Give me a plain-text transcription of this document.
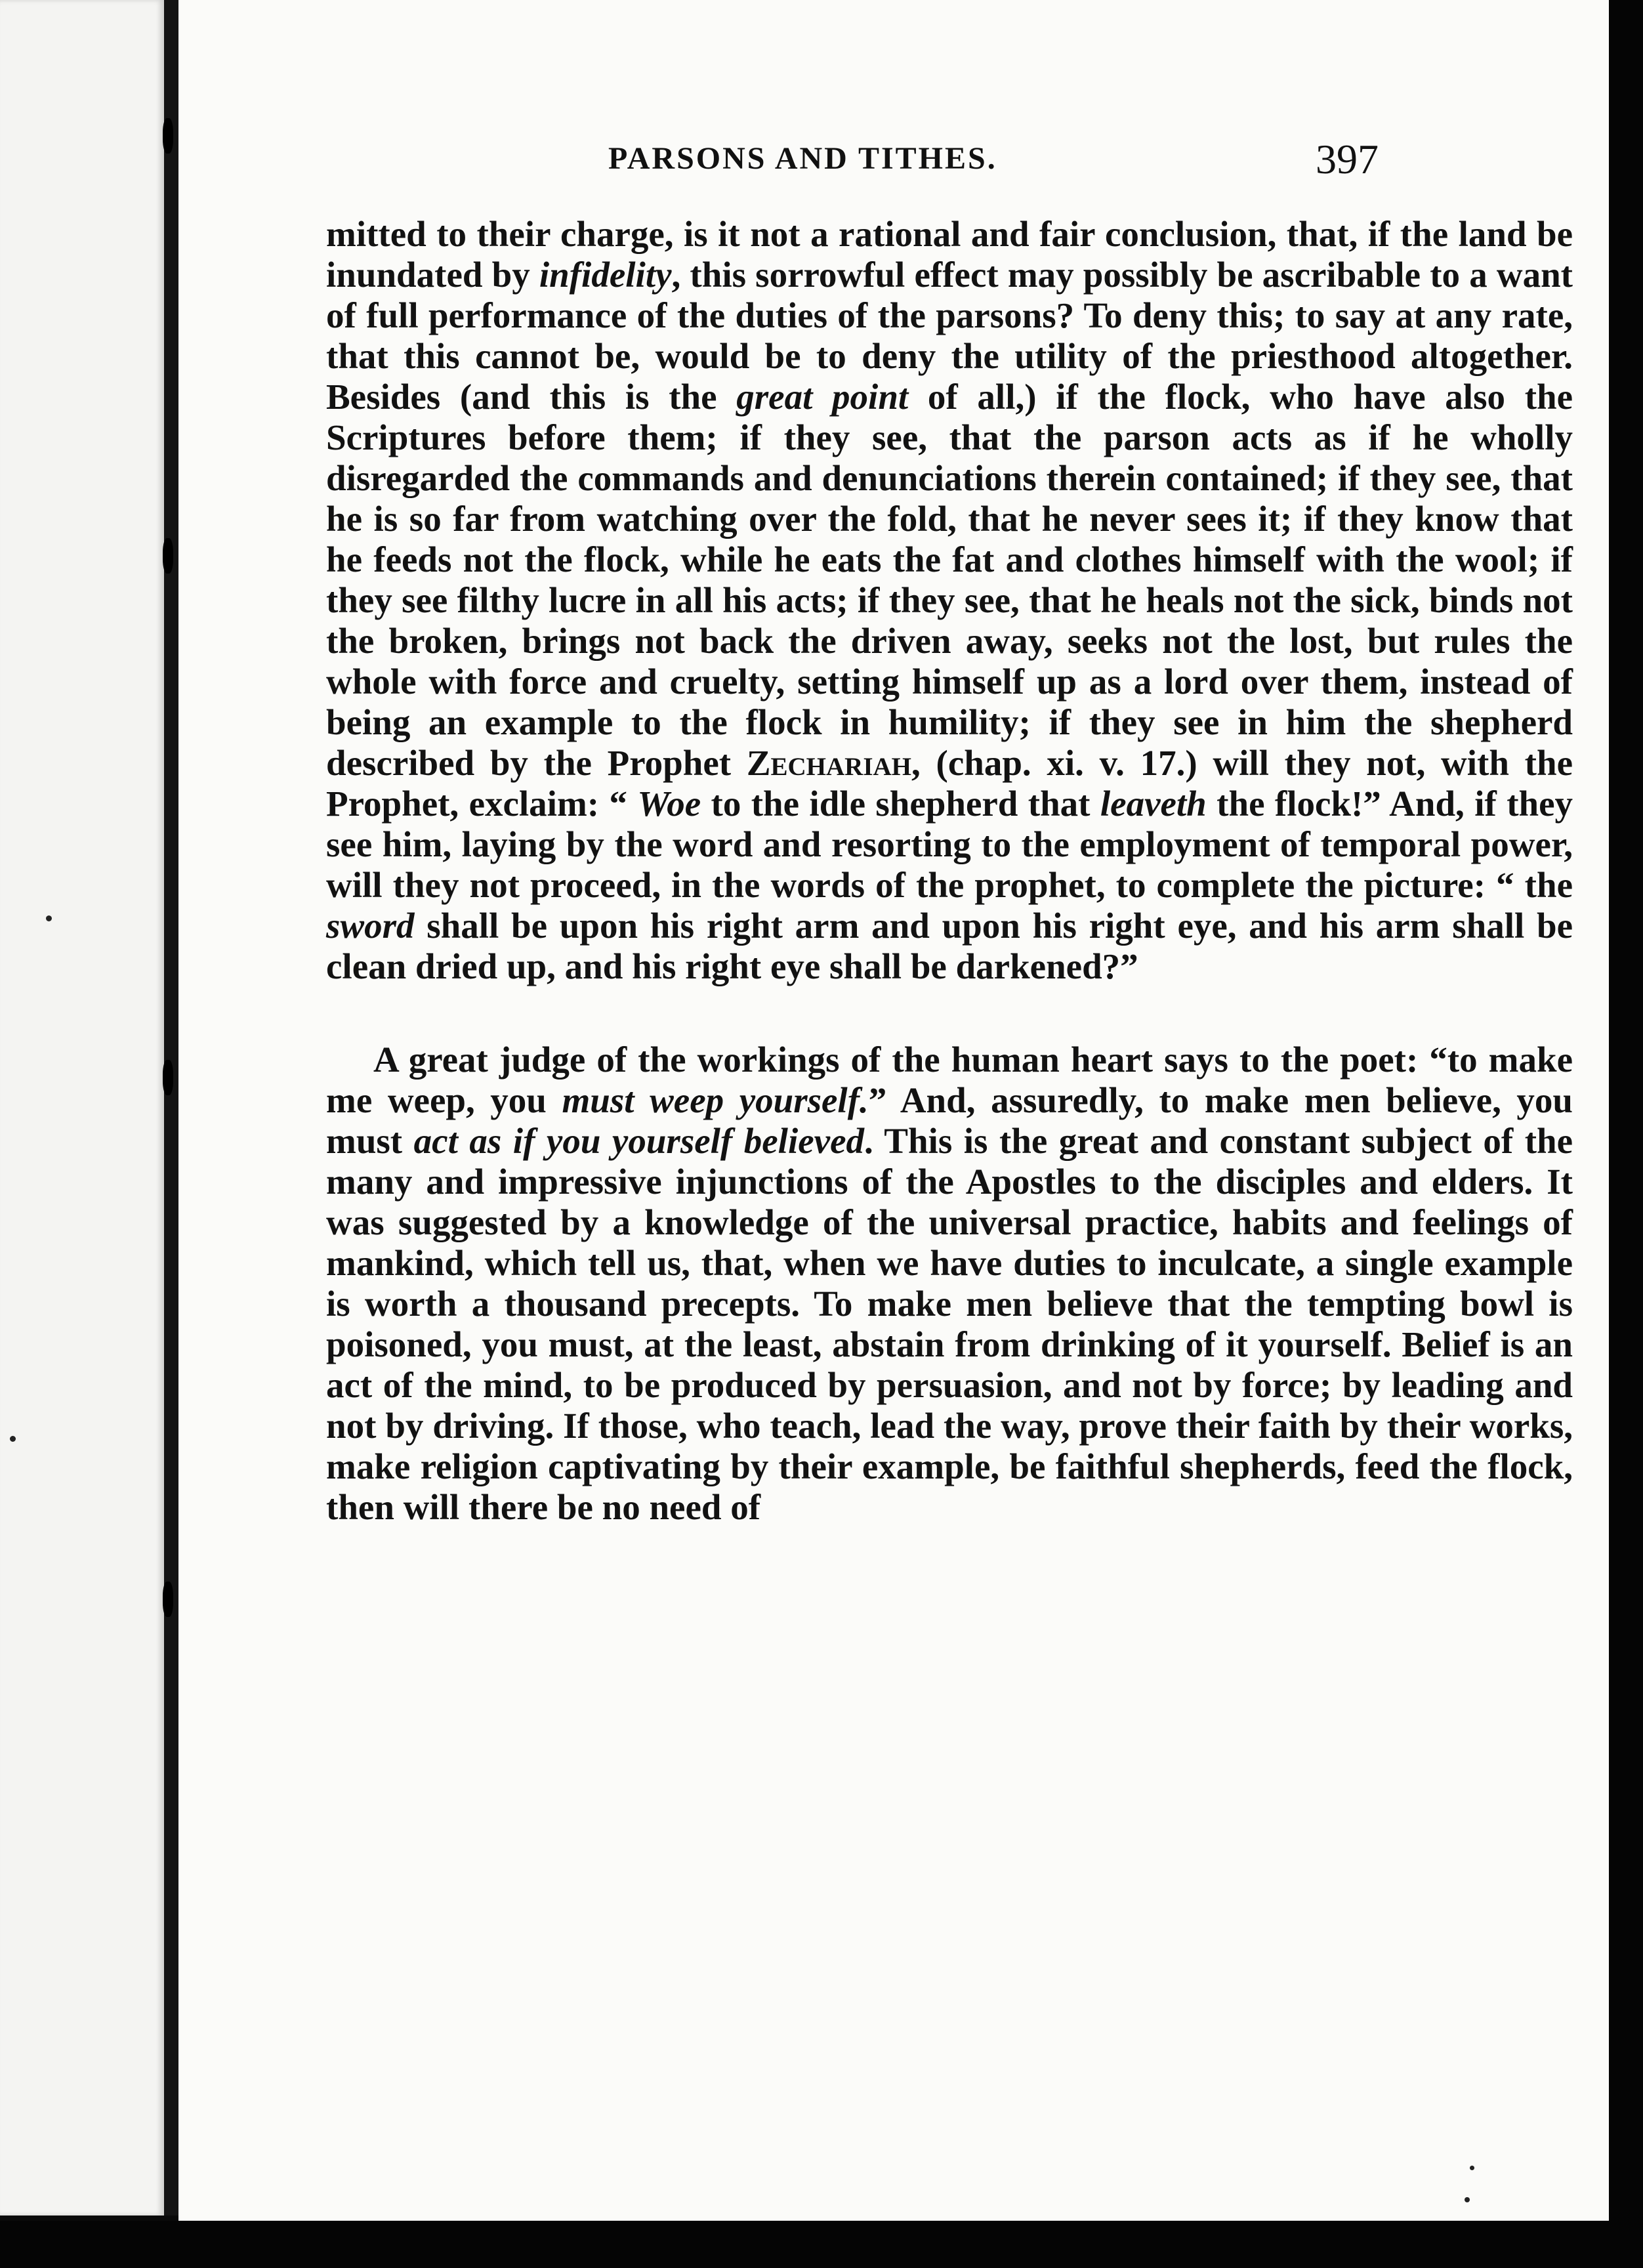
PARSONS AND TITHES.	397

mitted to their charge, is it not a rational and fair conclusion, that, if the land be inundated by infidelity, this sorrowful effect may possibly be ascribable to a want of full performance of the duties of the parsons? To deny this; to say at any rate, that this cannot be, would be to deny the utility of the priesthood altogether. Besides (and this is the great point of all,) if the flock, who have also the Scriptures before them; if they see, that the parson acts as if he wholly disregarded the commands and denunciations therein contained; if they see, that he is so far from watching over the fold, that he never sees it; if they know that he feeds not the flock, while he eats the fat and clothes himself with the wool; if they see filthy lucre in all his acts; if they see, that he heals not the sick, binds not the broken, brings not back the driven away, seeks not the lost, but rules the whole with force and cruelty, setting himself up as a lord over them, instead of being an example to the flock in humility; if they see in him the shepherd described by the Prophet Zechariah, (chap. xi. v. 17.) will they not, with the Prophet, exclaim: “ Woe to the idle shepherd that leaveth the flock!” And, if they see him, laying by the word and resorting to the employment of temporal power, will they not proceed, in the words of the prophet, to complete the picture: “ the sword shall be upon his right arm and upon his right eye, and his arm shall be clean dried up, and his right eye shall be darkened?”

A great judge of the workings of the human heart says to the poet: “to make me weep, you must weep yourself.” And, assuredly, to make men believe, you must act as if you yourself believed. This is the great and constant subject of the many and impressive injunctions of the Apostles to the disciples and elders. It was suggested by a knowledge of the universal practice, habits and feelings of mankind, which tell us, that, when we have duties to inculcate, a single example is worth a thousand precepts. To make men believe that the tempting bowl is poisoned, you must, at the least, abstain from drinking of it yourself. Belief is an act of the mind, to be produced by persuasion, and not by force; by leading and not by driving. If those, who teach, lead the way, prove their faith by their works, make religion captivating by their example, be faithful shepherds, feed the flock, then will there be no need of
